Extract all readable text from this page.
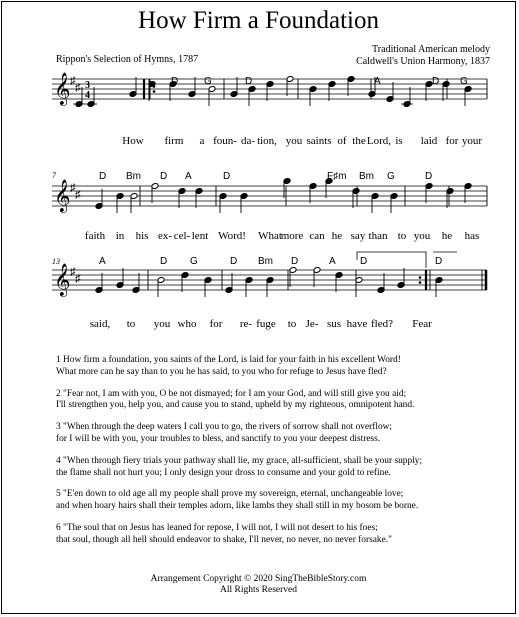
How Firm a Foundation
Rippon's Selection of Hymns, 1787
Traditional American melody
Caldwell's Union Harmony, 1837
𝄞 ♯
♯ 3
4
D	G	D	A	D G
How firm a foun- da- tion, you saints of the Lord, is laid for your
𝄞 ♯
♯
D Bm D A	D	F♯m Bm G	D
faith in his ex- cel- lent Word! What
more can he say than to you he has
7
𝄞 ♯
♯
A	D G	D Bm D	A D	D
said, to you who for re- fuge to Je- sus have fled? Fear
13
1 How firm a foundation, you saints of the Lord, is laid for your faith in his excellent Word!
What more can he say than to you he has said, to you who for refuge to Jesus have fled?
2 "Fear not, I am with you, O be not dismayed; for I am your God, and will still give you aid;
I'll strengthen you, help you, and cause you to stand, upheld by my righteous, omnipotent hand.
3 "When through the deep waters I call you to go, the rivers of sorrow shall not overflow;
for I will be with you, your troubles to bless, and sanctify to you your deepest distress.
4 "When through fiery trials your pathway shall lie, my grace, all-sufficient, shall be your supply;
the flame shall not hurt you; I only design your dross to consume and your gold to refine.
5 "E'en down to old age all my people shall prove my sovereign, eternal, unchangeable love;
and when hoary hairs shall their temples adorn, like lambs they shall still in my bosom be borne.
6 "The soul that on Jesus has leaned for repose, I will not, I will not desert to his foes;
that soul, though all hell should endeavor to shake, I'll never, no never, no never forsake."
Arrangement Copyright © 2020 SingTheBibleStory.com
All Rights Reserved
